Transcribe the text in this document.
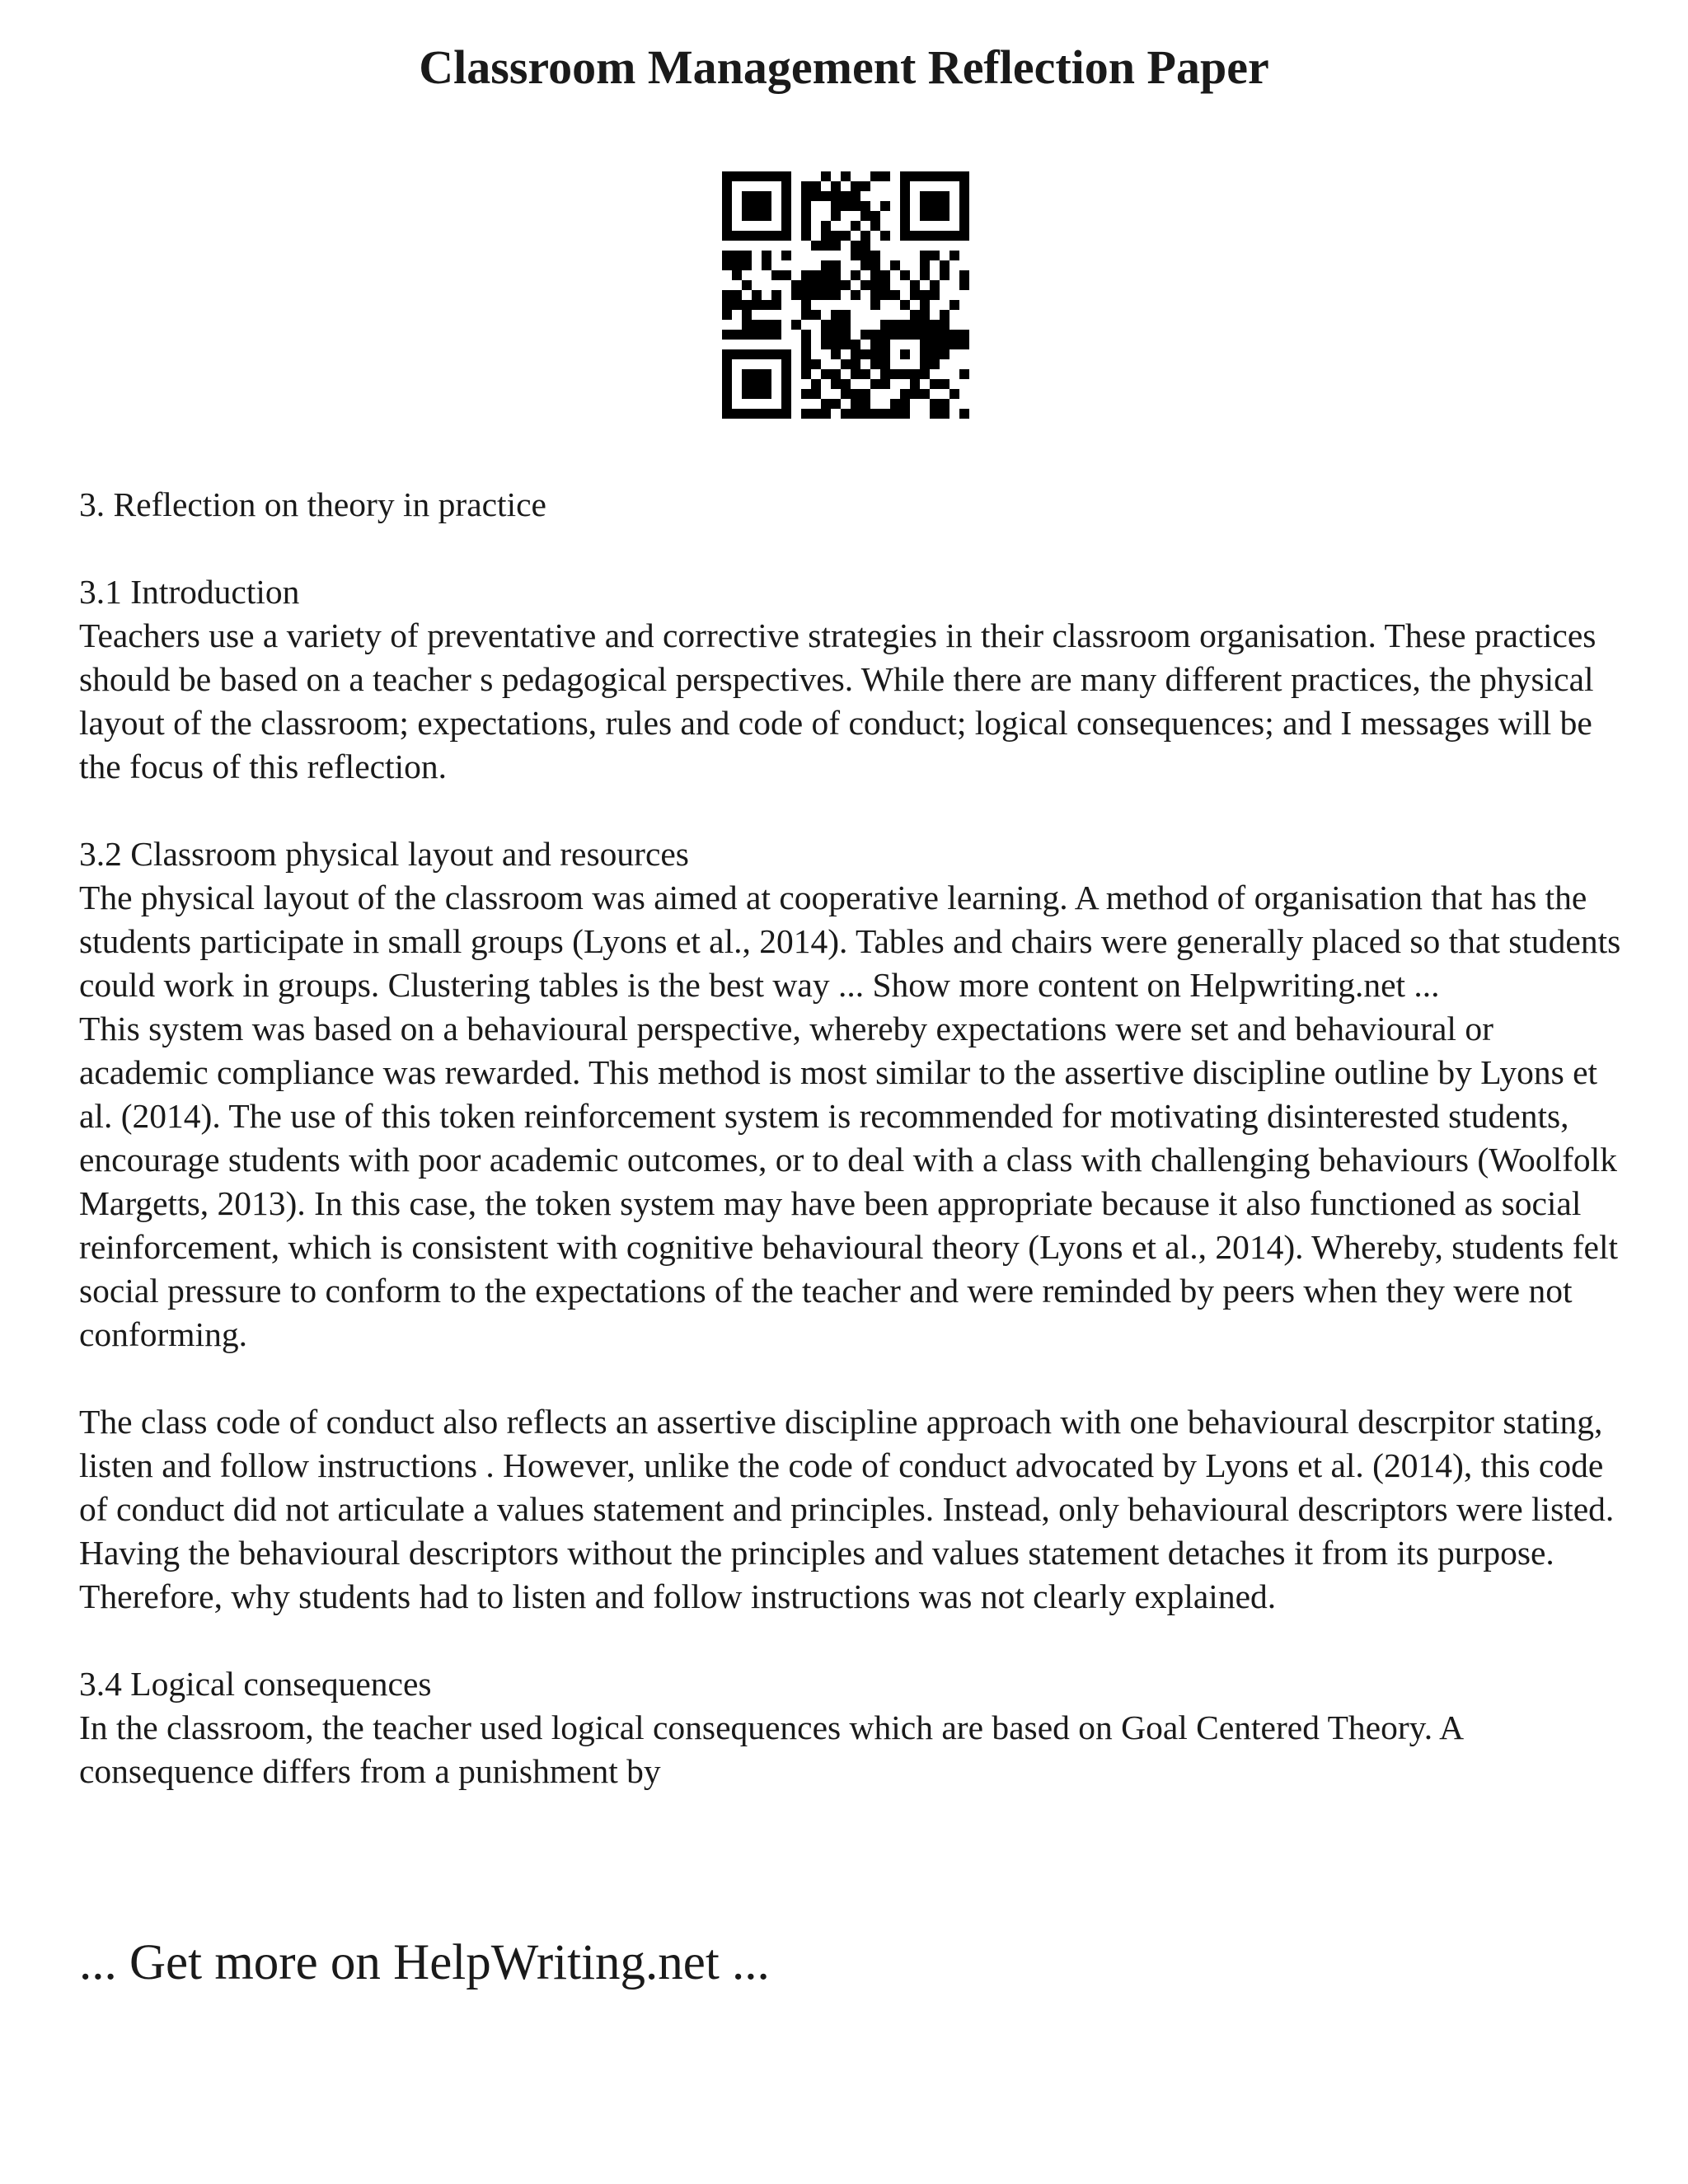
Classroom Management Reflection Paper

3. Reflection on theory in practice

3.1 Introduction

Teachers use a variety of preventative and corrective strategies in their classroom organisation. These practices should be based on a teacher s pedagogical perspectives. While there are many different practices, the physical layout of the classroom; expectations, rules and code of conduct; logical consequences; and I messages will be the focus of this reflection.

3.2 Classroom physical layout and resources

The physical layout of the classroom was aimed at cooperative learning. A method of organisation that has the students participate in small groups (Lyons et al., 2014). Tables and chairs were generally placed so that students could work in groups. Clustering tables is the best way ... Show more content on Helpwriting.net ...

This system was based on a behavioural perspective, whereby expectations were set and behavioural or academic compliance was rewarded. This method is most similar to the assertive discipline outline by Lyons et al. (2014). The use of this token reinforcement system is recommended for motivating disinterested students, encourage students with poor academic outcomes, or to deal with a class with challenging behaviours (Woolfolk Margetts, 2013). In this case, the token system may have been appropriate because it also functioned as social reinforcement, which is consistent with cognitive behavioural theory (Lyons et al., 2014). Whereby, students felt social pressure to conform to the expectations of the teacher and were reminded by peers when they were not conforming.

The class code of conduct also reflects an assertive discipline approach with one behavioural descrpitor stating, listen and follow instructions . However, unlike the code of conduct advocated by Lyons et al. (2014), this code of conduct did not articulate a values statement and principles. Instead, only behavioural descriptors were listed. Having the behavioural descriptors without the principles and values statement detaches it from its purpose. Therefore, why students had to listen and follow instructions was not clearly explained.

3.4 Logical consequences

In the classroom, the teacher used logical consequences which are based on Goal Centered Theory. A consequence differs from a punishment by

... Get more on HelpWriting.net ...
